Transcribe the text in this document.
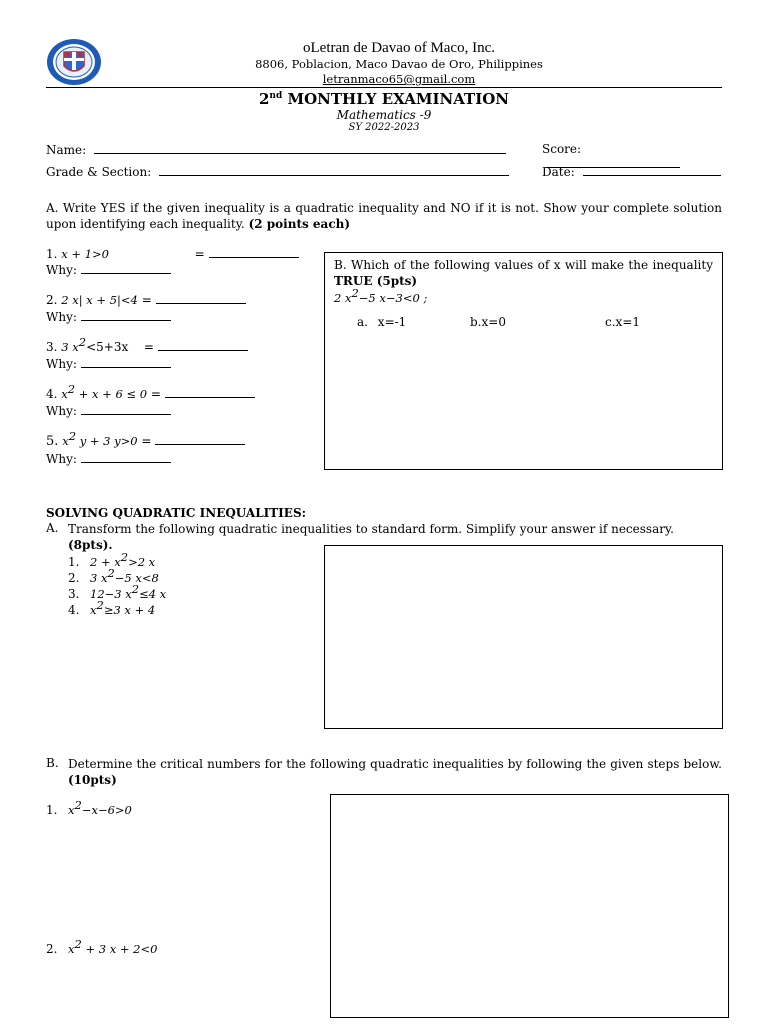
oLetran de Davao of Maco, Inc.
8806, Poblacion, Maco Davao de Oro, Philippines
letranmaco65@gmail.com
2nd MONTHLY EXAMINATION
Mathematics -9
SY 2022-2023
Name:	Score:
Grade & Section:	Date:
A. Write YES if the given inequality is a quadratic inequality and NO if it is not. Show your complete solution upon identifying each inequality. (2 points each)
1. x + 1>0	=
Why:
2. 2 x| x + 5|<4 =
Why:
3. 3 $x^2<5+3x$ =
Why:
4. $x^2 + x + 6 \le 0$ =
Why:
5. $x^2$ y + 3 y>0 =
Why:
B. Which of the following values of x will make the inequality TRUE (5pts)
2 $x^2-5$ x−3<0 ;
a. x=-1	b.x=0	c.x=1
SOLVING QUADRATIC INEQUALITIES:
A. Transform the following quadratic inequalities to standard form. Simplify your answer if necessary. (8pts).
1. $2 + x^2>2$ x
2. 3 $x^2-5$ x<8
3. 12−3 $x^2\le 4$ x
4. $x^2\ge 3$ x + 4
B. Determine the critical numbers for the following quadratic inequalities by following the given steps below. (10pts)
1. $x^2-x-6>0$
2. $x^2 + 3$ x + 2<0
